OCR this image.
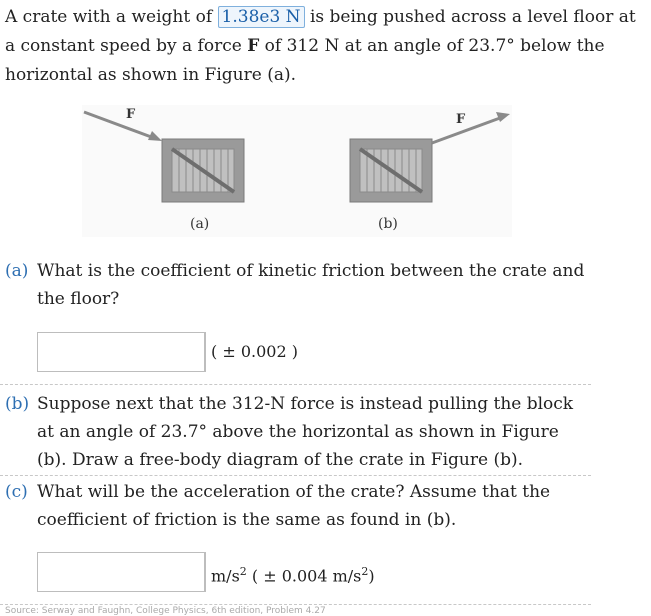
A crate with a weight of 1.38e3 N is being pushed across a level floor at a constant speed by a force F of 312 N at an angle of 23.7° below the horizontal as shown in Figure (a).
F
(a)
F
(b)
(a) What is the coefficient of kinetic friction between the crate and the floor?
( ± 0.002 )
(b) Suppose next that the 312-N force is instead pulling the block at an angle of 23.7° above the horizontal as shown in Figure (b). Draw a free-body diagram of the crate in Figure (b).
(c) What will be the acceleration of the crate? Assume that the coefficient of friction is the same as found in (b).
$m/s^2$ ( ± 0.004 $m/s^2$)
Source: Serway and Faughn, College Physics, 6th edition, Problem 4.27
